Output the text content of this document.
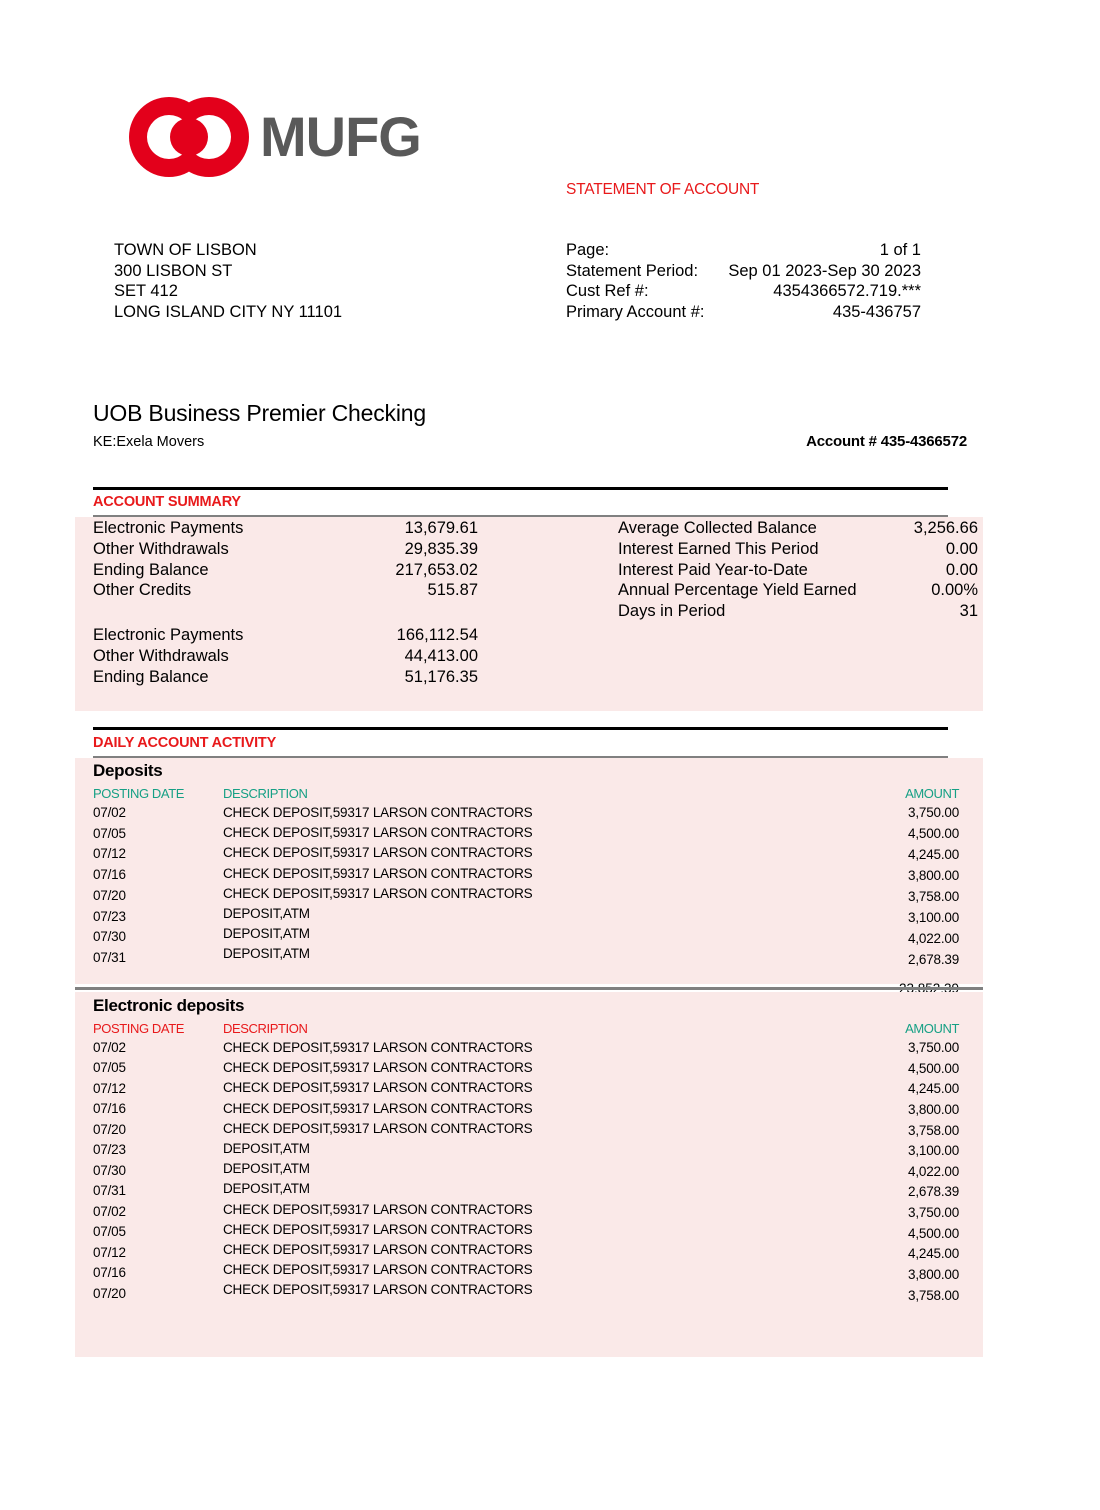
MUFG
STATEMENT OF ACCOUNT
TOWN OF LISBON
300 LISBON ST
SET 412
LONG ISLAND CITY NY 11101
Page:	1 of 1
Statement Period: Sep 01 2023-Sep 30 2023
Cust Ref #:	4354366572.719.***
Primary Account #:	435-436757
UOB Business Premier Checking
KE:Exela Movers	Account # 435-4366572
ACCOUNT SUMMARY
Electronic Payments	13,679.61
Other Withdrawals	29,835.39
Ending Balance	217,653.02
Other Credits	515.87
Electronic Payments	166,112.54
Other Withdrawals	44,413.00
Ending Balance	51,176.35
Average Collected Balance	3,256.66
Interest Earned This Period	0.00
Interest Paid Year-to-Date	0.00
Annual Percentage Yield Earned	0.00%
Days in Period	31
DAILY ACCOUNT ACTIVITY
Deposits
POSTING DATE	DESCRIPTION	AMOUNT
07/02	CHECK DEPOSIT,59317 LARSON CONTRACTORS	3,750.00
07/05	CHECK DEPOSIT,59317 LARSON CONTRACTORS	4,500.00
07/12	CHECK DEPOSIT,59317 LARSON CONTRACTORS	4,245.00
07/16	CHECK DEPOSIT,59317 LARSON CONTRACTORS	3,800.00
07/20	CHECK DEPOSIT,59317 LARSON CONTRACTORS	3,758.00
07/23	DEPOSIT,ATM	3,100.00
07/30	DEPOSIT,ATM	4,022.00
07/31	DEPOSIT,ATM	2,678.39
Electronic deposits
POSTING DATE	DESCRIPTION	AMOUNT
07/02	CHECK DEPOSIT,59317 LARSON CONTRACTORS	3,750.00
07/05	CHECK DEPOSIT,59317 LARSON CONTRACTORS	4,500.00
07/12	CHECK DEPOSIT,59317 LARSON CONTRACTORS	4,245.00
07/16	CHECK DEPOSIT,59317 LARSON CONTRACTORS	3,800.00
07/20	CHECK DEPOSIT,59317 LARSON CONTRACTORS	3,758.00
07/23	DEPOSIT,ATM	3,100.00
07/30	DEPOSIT,ATM	4,022.00
07/31	DEPOSIT,ATM	2,678.39
07/02	CHECK DEPOSIT,59317 LARSON CONTRACTORS	3,750.00
07/05	CHECK DEPOSIT,59317 LARSON CONTRACTORS	4,500.00
07/12	CHECK DEPOSIT,59317 LARSON CONTRACTORS	4,245.00
07/16	CHECK DEPOSIT,59317 LARSON CONTRACTORS	3,800.00
07/20	CHECK DEPOSIT,59317 LARSON CONTRACTORS	3,758.00
